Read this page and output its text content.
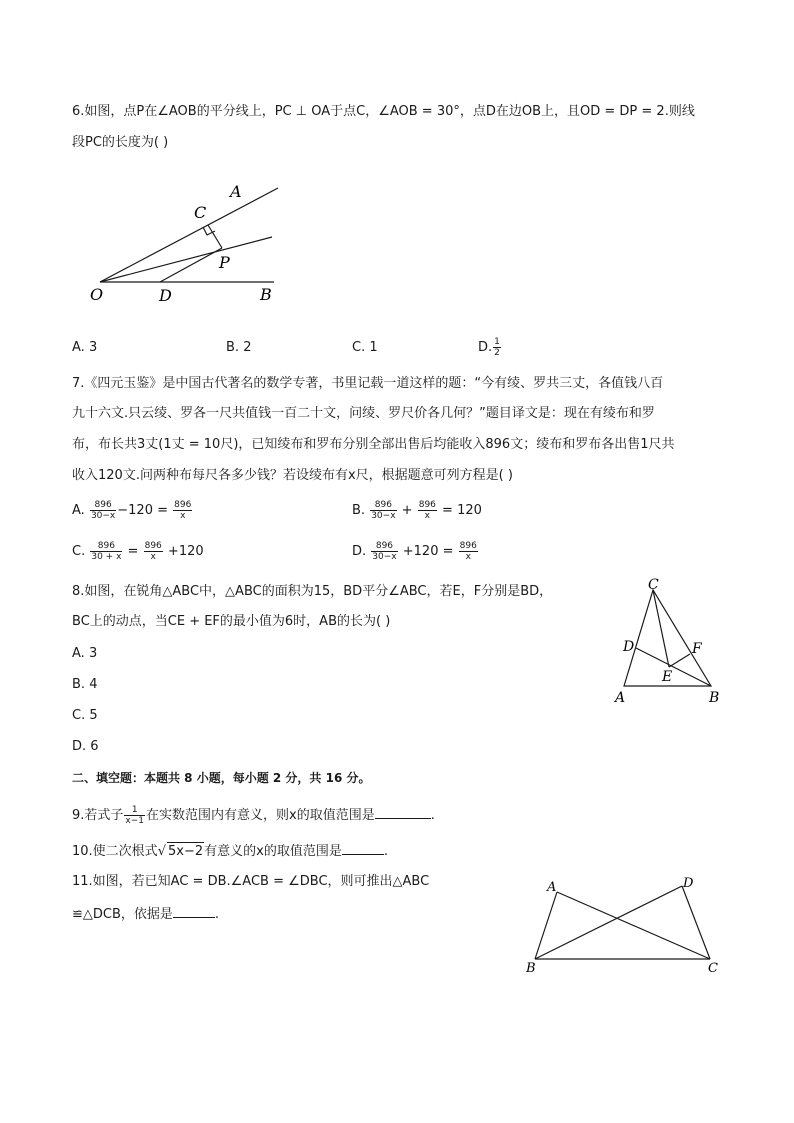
6.如图，点P在∠AOB的平分线上，PC ⊥ OA于点C，∠AOB = 30°，点D在边OB上，且OD = DP = 2.则线
段PC的长度为( )
A
C
P
O	D	B
A. 3	B. 2	C. 1	D. $\frac{1}{2}$
7.《四元玉鉴》是中国古代著名的数学专著，书里记载一道这样的题：“今有绫、罗共三丈，各值钱八百
九十六文.只云绫、罗各一尺共值钱一百二十文，问绫、罗尺价各几何？”题目译文是：现在有绫布和罗
布，布长共3丈(1丈 = 10尺)，已知绫布和罗布分别全部出售后均能收入896文；绫布和罗布各出售1尺共
收入120文.问两种布每尺各多少钱？若设绫布有x尺，根据题意可列方程是( )
A. $\frac{896}{30-x} -120 = \frac{896}{x}$	B. $\frac{896}{30-x} + \frac{896}{x} = 120$
C. $\frac{896}{30 + x} = \frac{896}{x} +120$	D. $\frac{896}{30-x} +120 = \frac{896}{x}$
8.如图，在锐角△ABC中，△ABC的面积为15，BD平分∠ABC，若E，F分别是BD，
BC上的动点，当CE + EF的最小值为6时，AB的长为( )
C
D	F
E
A	B
A. 3
B. 4
C. 5
D. 6
二、填空题：本题共 8 小题，每小题 2 分，共 16 分。
9.若式子 $\frac{1}{x-1}$ 在实数范围内有意义，则x的取值范围是	.
10.使二次根式√ 5x−2有意义的x的取值范围是	.
11.如图，若已知AC = DB.∠ACB = ∠DBC，则可推出△ABC
≌△DCB，依据是	.
A	D
B	C
